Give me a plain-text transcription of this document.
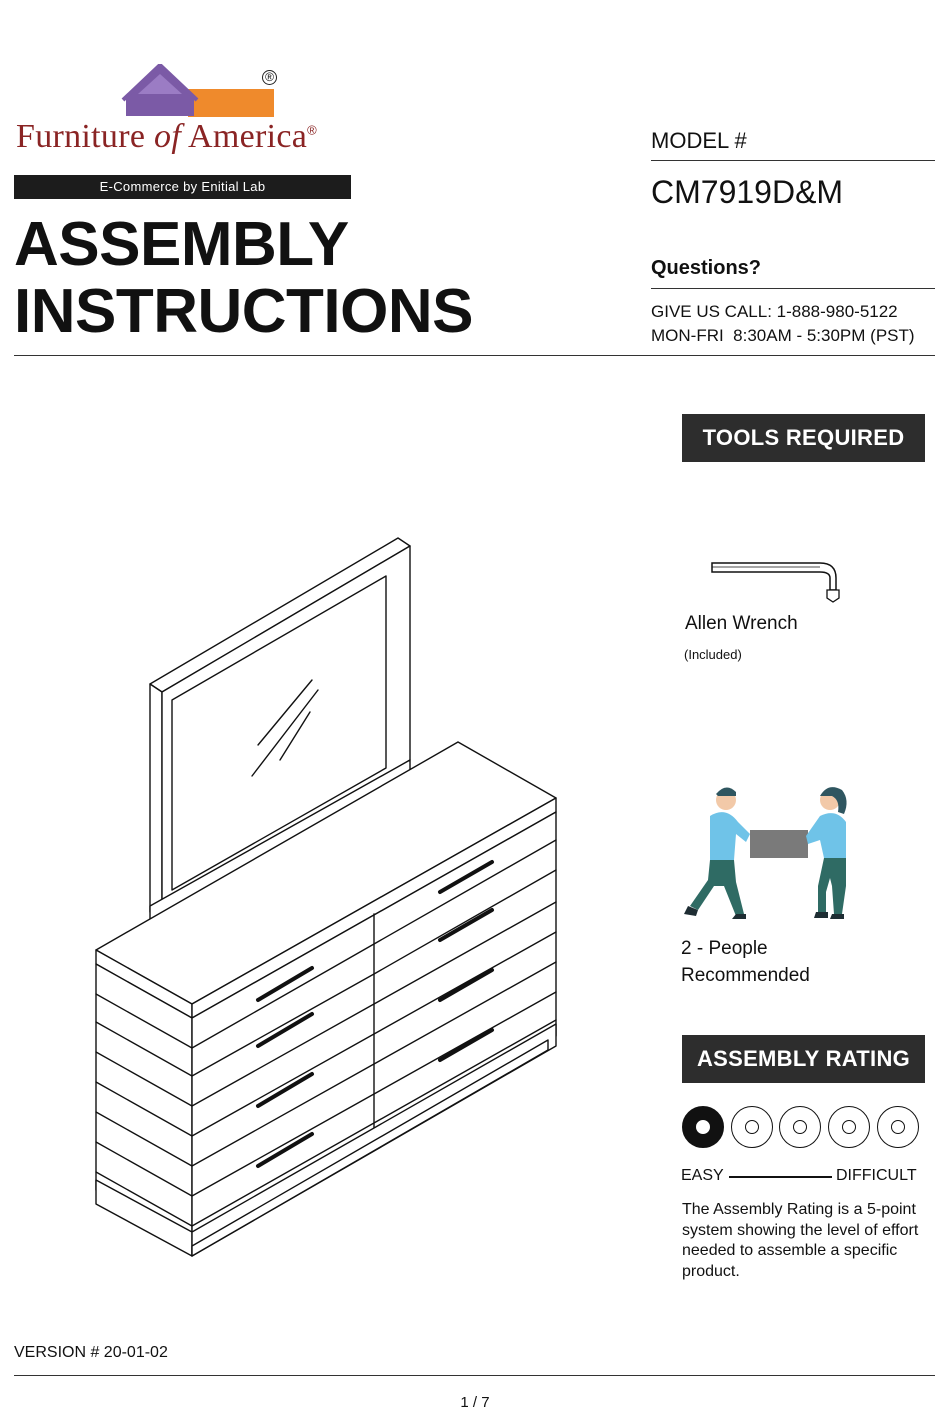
®
Furniture of America®
E-Commerce by Enitial Lab
ASSEMBLY
INSTRUCTIONS
MODEL #
CM7919D&M
Questions?
GIVE US CALL: 1-888-980-5122
MON-FRI  8:30AM - 5:30PM (PST)
TOOLS REQUIRED
Allen Wrench
(Included)
2 - People
Recommended
ASSEMBLY RATING
EASY	DIFFICULT
The Assembly Rating is a 5-point system showing the level of effort needed to assemble a specific product.
VERSION # 20-01-02
1 / 7
